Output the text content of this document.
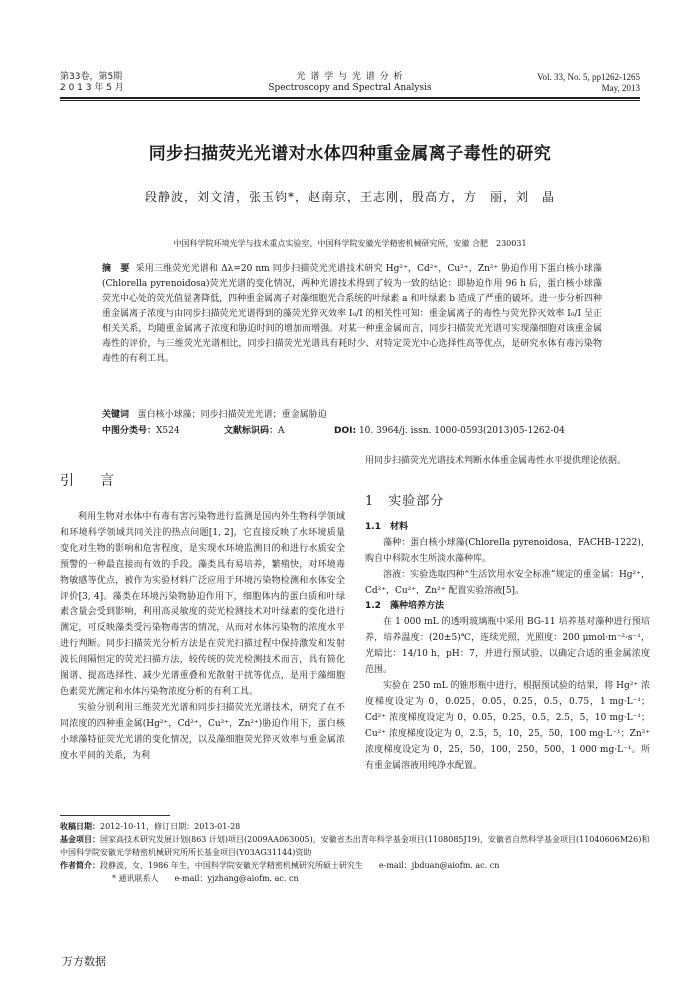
第33卷，第5期
2 0 1 3 年 5 月
光 谱 学 与 光 谱 分 析
Spectroscopy and Spectral Analysis
Vol. 33, No. 5, pp1262-1265
May, 2013
同步扫描荧光光谱对水体四种重金属离子毒性的研究
段静波，刘文清，张玉钧*，赵南京，王志刚，殷高方，方　丽，刘　晶
中国科学院环境光学与技术重点实验室，中国科学院安徽光学精密机械研究所，安徽 合肥　230031
摘　要 采用三维荧光光谱和 Δλ=20 nm 同步扫描荧光光谱技术研究 Hg²⁺，Cd²⁺，Cu²⁺，Zn²⁺ 胁迫作用下蛋白核小球藻(Chlorella pyrenoidosa)荧光光谱的变化情况，两种光谱技术得到了较为一致的结论：即胁迫作用 96 h 后，蛋白核小球藻荧光中心处的荧光值显著降低，四种重金属离子对藻细胞光合系统的叶绿素 a 和叶绿素 b 造成了严重的破坏。进一步分析四种重金属离子浓度与由同步扫描荧光光谱得到的藻荧光猝灭效率 I₀/I 的相关性可知：重金属离子的毒性与荧光猝灭效率 I₀/I 呈正相关关系，均随重金属离子浓度和胁迫时间的增加而增强。对某一种重金属而言，同步扫描荧光光谱可实现藻细胞对该重金属毒性的评价，与三维荧光光谱相比，同步扫描荧光光谱具有耗时少、对特定荧光中心选择性高等优点，是研究水体有毒污染物毒性的有利工具。
关键词 蛋白核小球藻；同步扫描荧光光谱；重金属胁迫
中图分类号：X524	文献标识码：A	DOI: 10. 3964/j. issn. 1000-0593(2013)05-1262-04
引　言

利用生物对水体中有毒有害污染物进行监测是国内外生物科学领域和环境科学领域共同关注的热点问题[1, 2]，它直接反映了水环境质量变化对生物的影响和危害程度，是实现水环境监测目的和进行水质安全预警的一种最直接而有效的手段。藻类具有易培养，繁殖快，对环境毒物敏感等优点，被作为实验材料广泛应用于环境污染物检测和水体安全评价[3, 4]。藻类在环境污染物胁迫作用下，细胞体内的蛋白质和叶绿素含量会受到影响，利用高灵敏度的荧光检测技术对叶绿素的变化进行测定，可反映藻类受污染物毒害的情况，从而对水体污染物的浓度水平进行判断。同步扫描荧光分析方法是在荧光扫描过程中保持激发和发射波长间隔恒定的荧光扫描方法，较传统的荧光检测技术而言，具有简化图谱、提高选择性、减少光谱重叠和光散射干扰等优点，是用于藻细胞色素荧光测定和水体污染物浓度分析的有利工具。

实验分别利用三维荧光光谱和同步扫描荧光光谱技术，研究了在不同浓度的四种重金属(Hg²⁺，Cd²⁺，Cu²⁺，Zn²⁺)胁迫作用下，蛋白核小球藻特征荧光光谱的变化情况，以及藻细胞荧光猝灭效率与重金属浓度水平间的关系，为利

用同步扫描荧光光谱技术判断水体重金属毒性水平提供理论依据。

1　实验部分
1.1　材料

藻种：蛋白核小球藻(Chlorella pyrenoidosa，FACHB-1222)，购自中科院水生所淡水藻种库。

溶液：实验选取四种“生活饮用水安全标准”规定的重金属：Hg²⁺，Cd²⁺，Cu²⁺，Zn²⁺ 配置实验溶液[5]。

1.2　藻种培养方法

在 1 000 mL 的透明玻璃瓶中采用 BG-11 培养基对藻种进行预培养，培养温度：(20±5)℃，连续光照，光照度：200 μmol·m⁻²·s⁻¹，光暗比：14/10 h，pH：7，并进行预试验，以确定合适的重金属浓度范围。

实验在 250 mL 的锥形瓶中进行，根据预试验的结果，将 Hg²⁺ 浓度梯度设定为 0，0.025，0.05，0.25，0.5，0.75，1 mg·L⁻¹；Cd²⁺ 浓度梯度设定为 0，0.05，0.25，0.5，2.5，5，10 mg·L⁻¹；Cu²⁺ 浓度梯度设定为 0，2.5，5，10，25，50，100 mg·L⁻¹；Zn²⁺ 浓度梯度设定为 0，25，50，100，250，500，1 000 mg·L⁻¹。所有重金属溶液用纯净水配置。

收稿日期：2012-10-11，修订日期：2013-01-28
基金项目：国家高技术研究发展计划(863 计划)项目(2009AA063005)，安徽省杰出青年科学基金项目(1108085J19)，安徽省自然科学基金项目(11040606M26)和中国科学院安徽光学精密机械研究所所长基金项目(Y03AG31144)资助
作者简介：段静波，女，1986 年生，中国科学院安徽光学精密机械研究所硕士研究生　　e-mail：jbduan@aiofm. ac. cn
* 通讯联系人　　e-mail：yjzhang@aiofm. ac. cn
万方数据
